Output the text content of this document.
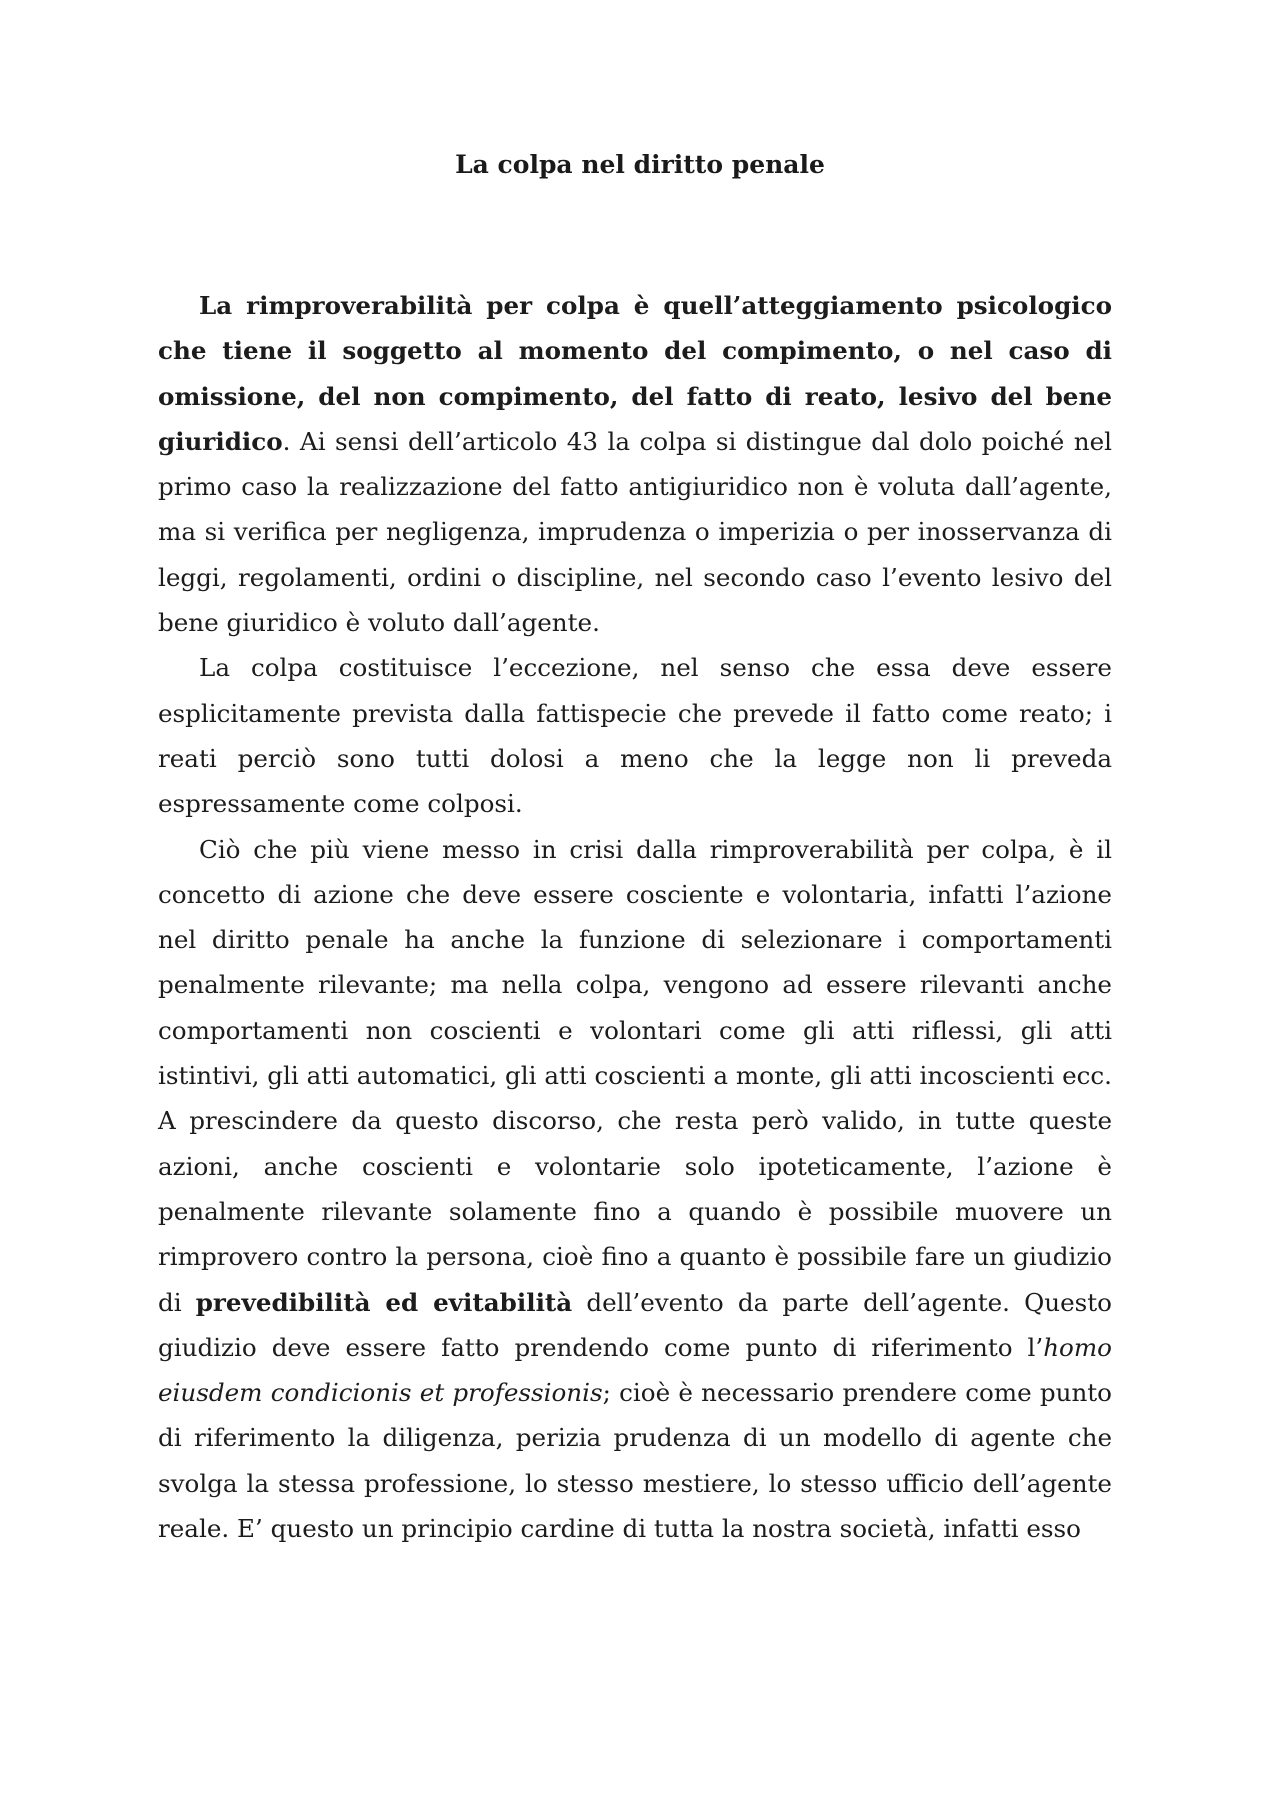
La colpa nel diritto penale

La rimproverabilità per colpa è quell’atteggiamento psicologico che tiene il soggetto al momento del compimento, o nel caso di omissione, del non compimento, del fatto di reato, lesivo del bene giuridico. Ai sensi dell’articolo 43 la colpa si distingue dal dolo poiché nel primo caso la realizzazione del fatto antigiuridico non è voluta dall’agente, ma si verifica per negligenza, imprudenza o imperizia o per inosservanza di leggi, regolamenti, ordini o discipline, nel secondo caso l’evento lesivo del bene giuridico è voluto dall’agente.

La colpa costituisce l’eccezione, nel senso che essa deve essere esplicitamente prevista dalla fattispecie che prevede il fatto come reato; i reati perciò sono tutti dolosi a meno che la legge non li preveda espressamente come colposi.

Ciò che più viene messo in crisi dalla rimproverabilità per colpa, è il concetto di azione che deve essere cosciente e volontaria, infatti l’azione nel diritto penale ha anche la funzione di selezionare i comportamenti penalmente rilevante; ma nella colpa, vengono ad essere rilevanti anche comportamenti non coscienti e volontari come gli atti riflessi, gli atti istintivi, gli atti automatici, gli atti coscienti a monte, gli atti incoscienti ecc. A prescindere da questo discorso, che resta però valido, in tutte queste azioni, anche coscienti e volontarie solo ipoteticamente, l’azione è penalmente rilevante solamente fino a quando è possibile muovere un rimprovero contro la persona, cioè fino a quanto è possibile fare un giudizio di prevedibilità ed evitabilità dell’evento da parte dell’agente. Questo giudizio deve essere fatto prendendo come punto di riferimento l’homo eiusdem condicionis et professionis; cioè è necessario prendere come punto di riferimento la diligenza, perizia prudenza di un modello di agente che svolga la stessa professione, lo stesso mestiere, lo stesso ufficio dell’agente reale. E’ questo un principio cardine di tutta la nostra società, infatti esso
